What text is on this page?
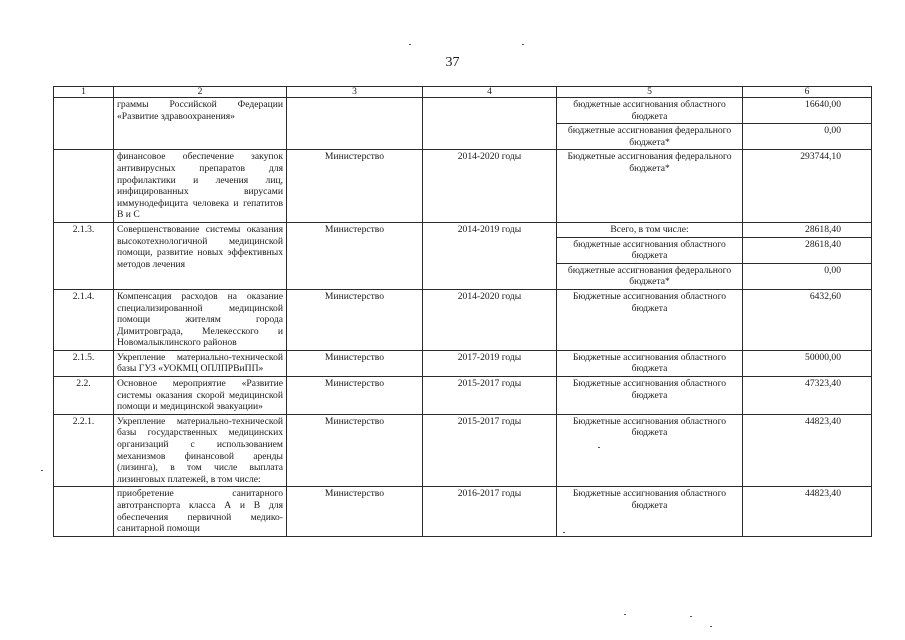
37
1	2	3	4	5	6
	граммы Российской Федерации «Развитие здравоохранения»			бюджетные ассигнования областного бюджета	16640,00
				бюджетные ассигнования федерального бюджета*	0,00
	финансовое обеспечение закупок антивирусных препаратов для профилактики и лечения лиц, инфицированных вирусами иммунодефицита человека и гепатитов В и С	Министерство	2014-2020 годы	Бюджетные ассигнования федерального бюджета*	293744,10
2.1.3.	Совершенствование системы оказания высокотехнологичной медицинской помощи, развитие новых эффективных методов лечения	Министерство	2014-2019 годы	Всего, в том числе:	28618,40
				бюджетные ассигнования областного бюджета	28618,40
				бюджетные ассигнования федерального бюджета*	0,00
2.1.4.	Компенсация расходов на оказание специализированной медицинской помощи жителям города Димитровграда, Мелекесского и Новомалыклинского районов	Министерство	2014-2020 годы	Бюджетные ассигнования областного бюджета	6432,60
2.1.5.	Укрепление материально-технической базы ГУЗ «УОКМЦ ОПЛПРВиПП»	Министерство	2017-2019 годы	Бюджетные ассигнования областного бюджета	50000,00
2.2.	Основное мероприятие «Развитие системы оказания скорой медицинской помощи и медицинской эвакуации»	Министерство	2015-2017 годы	Бюджетные ассигнования областного бюджета	47323,40
2.2.1.	Укрепление материально-технической базы государственных медицинских организаций с использованием механизмов финансовой аренды (лизинга), в том числе выплата лизинговых платежей, в том числе:	Министерство	2015-2017 годы	Бюджетные ассигнования областного бюджета	44823,40
	приобретение санитарного автотранспорта класса А и В для обеспечения первичной медико-санитарной помощи	Министерство	2016-2017 годы	Бюджетные ассигнования областного бюджета	44823,40
